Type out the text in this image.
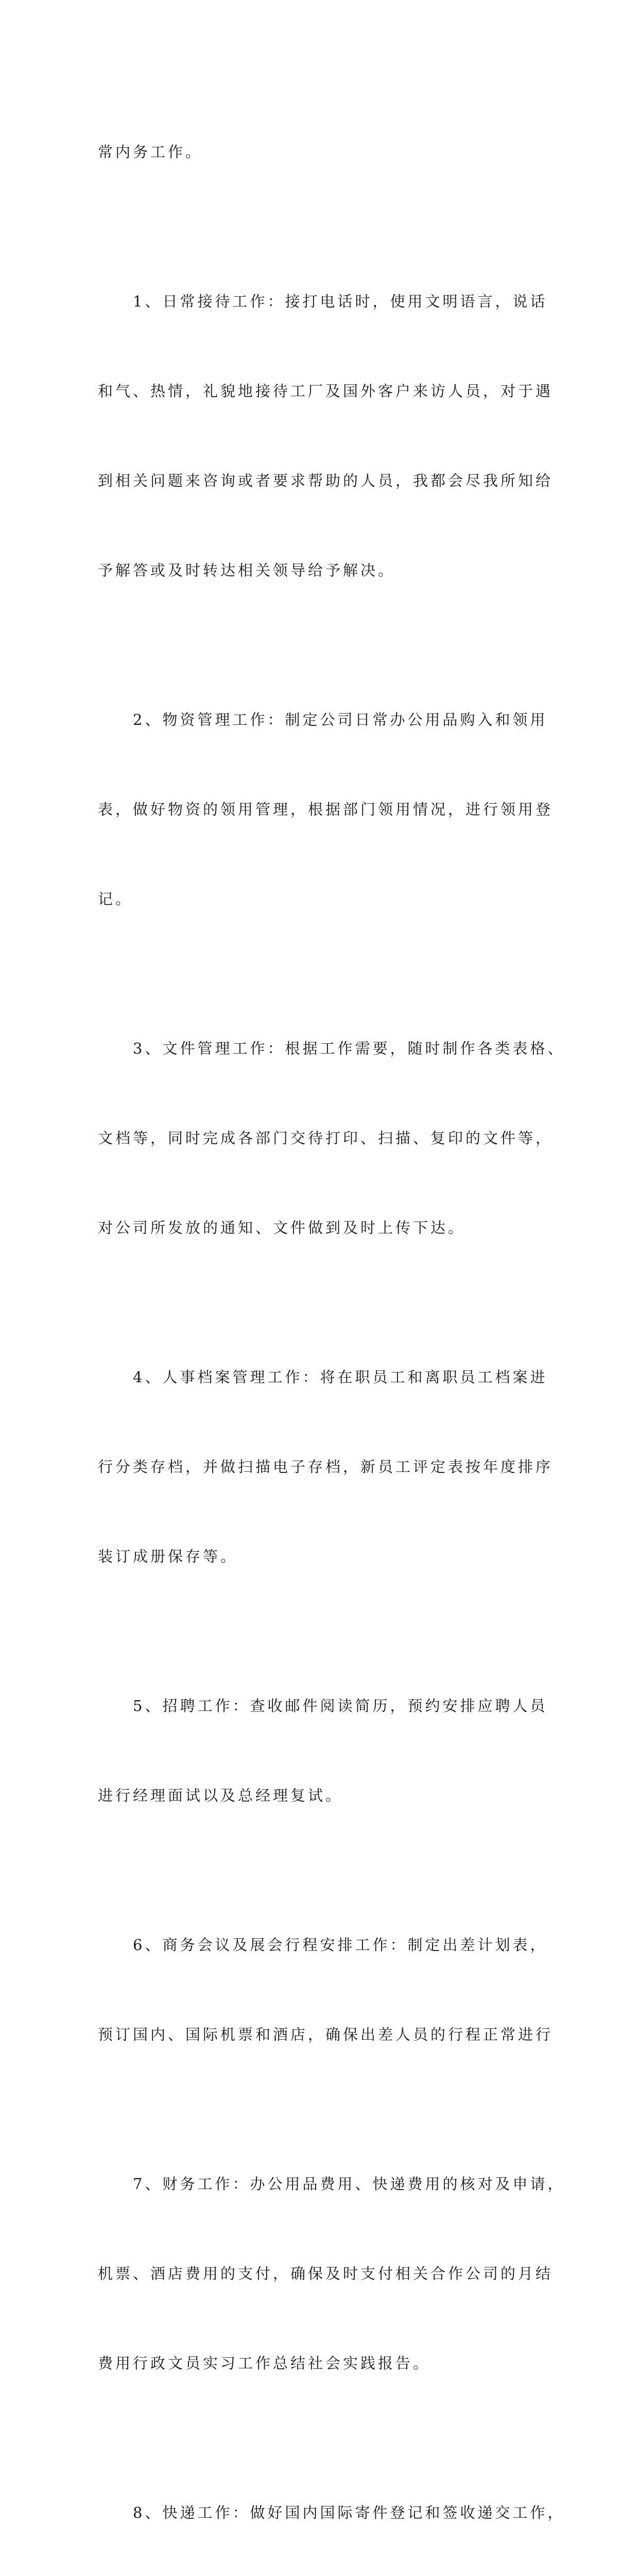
常内务工作。

1、日常接待工作：接打电话时，使用文明语言，说话

和气、热情，礼貌地接待工厂及国外客户来访人员，对于遇

到相关问题来咨询或者要求帮助的人员，我都会尽我所知给

予解答或及时转达相关领导给予解决。

2、物资管理工作：制定公司日常办公用品购入和领用

表，做好物资的领用管理，根据部门领用情况，进行领用登

记。

3、文件管理工作：根据工作需要，随时制作各类表格、

文档等，同时完成各部门交待打印、扫描、复印的文件等，

对公司所发放的通知、文件做到及时上传下达。

4、人事档案管理工作：将在职员工和离职员工档案进

行分类存档，并做扫描电子存档，新员工评定表按年度排序

装订成册保存等。

5、招聘工作：查收邮件阅读简历，预约安排应聘人员

进行经理面试以及总经理复试。

6、商务会议及展会行程安排工作：制定出差计划表，

预订国内、国际机票和酒店，确保出差人员的行程正常进行

7、财务工作：办公用品费用、快递费用的核对及申请，

机票、酒店费用的支付，确保及时支付相关合作公司的月结

费用行政文员实习工作总结社会实践报告。

8、快递工作：做好国内国际寄件登记和签收递交工作，
